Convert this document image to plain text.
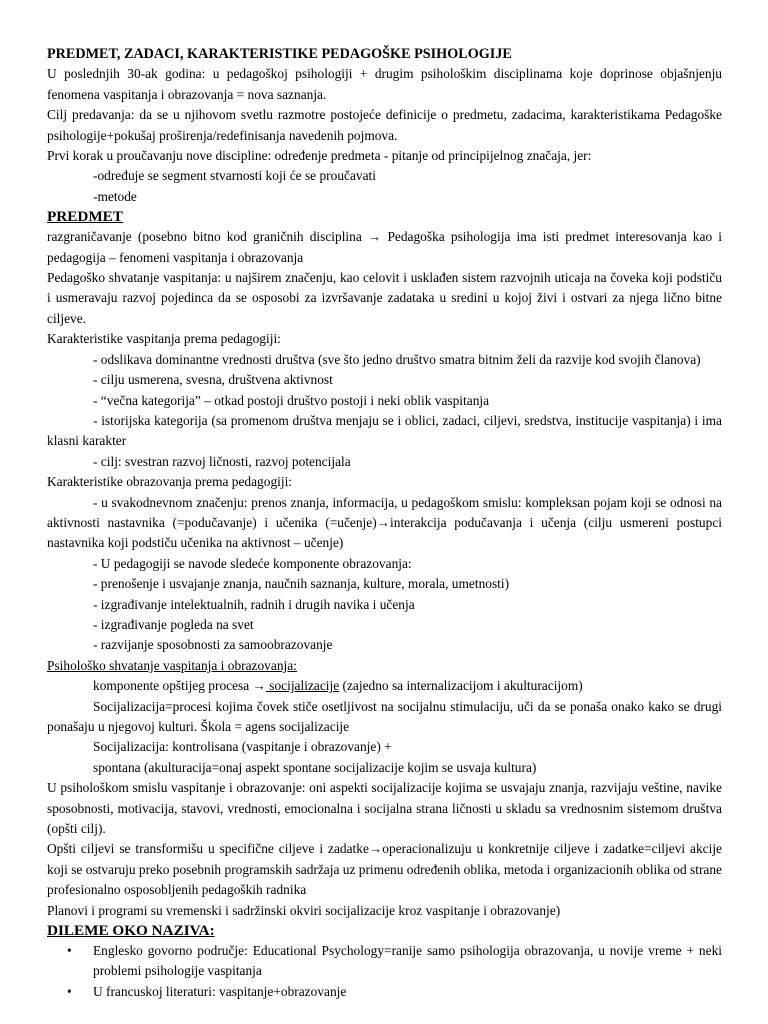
PREDMET, ZADACI, KARAKTERISTIKE PEDAGOŠKE PSIHOLOGIJE

U poslednjih 30-ak godina: u pedagoškoj psihologiji + drugim psihološkim disciplinama koje doprinose objašnjenju fenomena vaspitanja i obrazovanja = nova saznanja.

Cilj predavanja: da se u njihovom svetlu razmotre postojeće definicije o predmetu, zadacima, karakteristikama Pedagoške psihologije+pokušaj proširenja/redefinisanja navedenih pojmova.

Prvi korak u proučavanju nove discipline: određenje predmeta - pitanje od principijelnog značaja, jer:

-određuje se segment stvarnosti koji će se proučavati

-metode

PREDMET

razgraničavanje (posebno bitno kod graničnih disciplina → Pedagoška psihologija ima isti predmet interesovanja kao i pedagogija – fenomeni vaspitanja i obrazovanja

Pedagoško shvatanje vaspitanja: u najširem značenju, kao celovit i usklađen sistem razvojnih uticaja na čoveka koji podstiču i usmeravaju razvoj pojedinca da se osposobi za izvršavanje zadataka u sredini u kojoj živi i ostvari za njega lično bitne ciljeve.

Karakteristike vaspitanja prema pedagogiji:

- odslikava dominantne vrednosti društva (sve što jedno društvo smatra bitnim želi da razvije kod svojih članova)

- cilju usmerena, svesna, društvena aktivnost

- “večna kategorija” – otkad postoji društvo postoji i neki oblik vaspitanja

- istorijska kategorija (sa promenom društva menjaju se i oblici, zadaci, ciljevi, sredstva, institucije vaspitanja) i ima klasni karakter

- cilj: svestran razvoj ličnosti, razvoj potencijala

Karakteristike obrazovanja prema pedagogiji:

- u svakodnevnom značenju: prenos znanja, informacija, u pedagoškom smislu: kompleksan pojam koji se odnosi na aktivnosti nastavnika (=podučavanje) i učenika (=učenje)→interakcija podučavanja i učenja (cilju usmereni postupci nastavnika koji podstiču učenika na aktivnost – učenje)

- U pedagogiji se navode sledeće komponente obrazovanja:

- prenošenje i usvajanje znanja, naučnih saznanja, kulture, morala, umetnosti)

- izgrađivanje intelektualnih, radnih i drugih navika i učenja

- izgrađivanje pogleda na svet

- razvijanje sposobnosti za samoobrazovanje

Psihološko shvatanje vaspitanja i obrazovanja:

komponente opštijeg procesa → socijalizacije (zajedno sa internalizacijom i akulturacijom)

Socijalizacija=procesi kojima čovek stiče osetljivost na socijalnu stimulaciju, uči da se ponaša onako kako se drugi ponašaju u njegovoj kulturi. Škola = agens socijalizacije

Socijalizacija: kontrolisana (vaspitanje i obrazovanje) +

spontana (akulturacija=onaj aspekt spontane socijalizacije kojim se usvaja kultura)

U psihološkom smislu vaspitanje i obrazovanje: oni aspekti socijalizacije kojima se usvajaju znanja, razvijaju veštine, navike sposobnosti, motivacija, stavovi, vrednosti, emocionalna i socijalna strana ličnosti u skladu sa vrednosnim sistemom društva (opšti cilj).

Opšti ciljevi se transformišu u specifične ciljeve i zadatke→operacionalizuju u konkretnije ciljeve i zadatke=ciljevi akcije koji se ostvaruju preko posebnih programskih sadržaja uz primenu određenih oblika, metoda i organizacionih oblika od strane profesionalno osposobljenih pedagoških radnika

Planovi i programi su vremenski i sadržinski okviri socijalizacije kroz vaspitanje i obrazovanje)

DILEME OKO NAZIVA:
• Englesko govorno područje: Educational Psychology=ranije samo psihologija obrazovanja, u novije vreme + neki problemi psihologije vaspitanja
• U francuskoj literaturi: vaspitanje+obrazovanje
